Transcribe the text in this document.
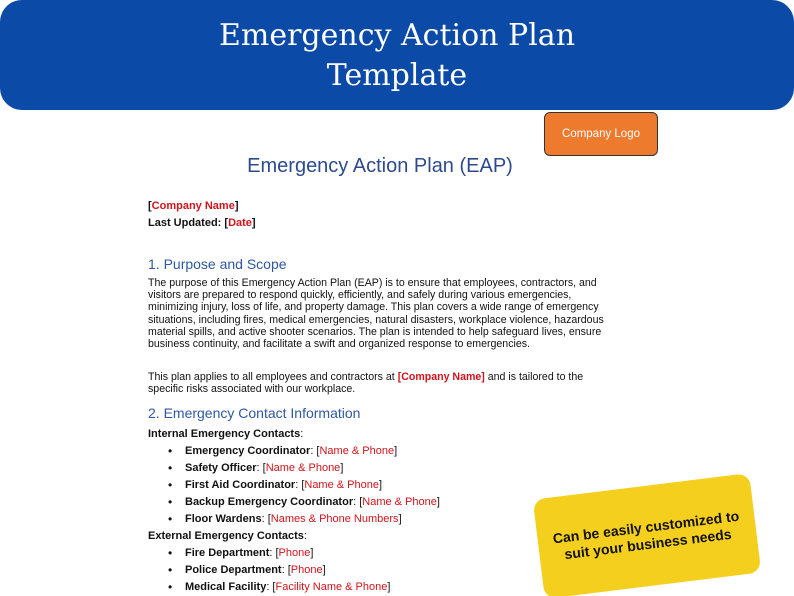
Emergency Action Plan
Template
Company Logo
Emergency Action Plan (EAP)
[Company Name]
Last Updated: [Date]
1. Purpose and Scope

The purpose of this Emergency Action Plan (EAP) is to ensure that employees, contractors, and visitors are prepared to respond quickly, efficiently, and safely during various emergencies, minimizing injury, loss of life, and property damage. This plan covers a wide range of emergency situations, including fires, medical emergencies, natural disasters, workplace violence, hazardous material spills, and active shooter scenarios. The plan is intended to help safeguard lives, ensure business continuity, and facilitate a swift and organized response to emergencies.

This plan applies to all employees and contractors at [Company Name] and is tailored to the specific risks associated with our workplace.

2. Emergency Contact Information
Internal Emergency Contacts:
• Emergency Coordinator: [Name & Phone]
• Safety Officer: [Name & Phone]
• First Aid Coordinator: [Name & Phone]
• Backup Emergency Coordinator: [Name & Phone]
• Floor Wardens: [Names & Phone Numbers]
External Emergency Contacts:
• Fire Department: [Phone]
• Police Department: [Phone]
• Medical Facility: [Facility Name & Phone]
Can be easily customized to suit your business needs
